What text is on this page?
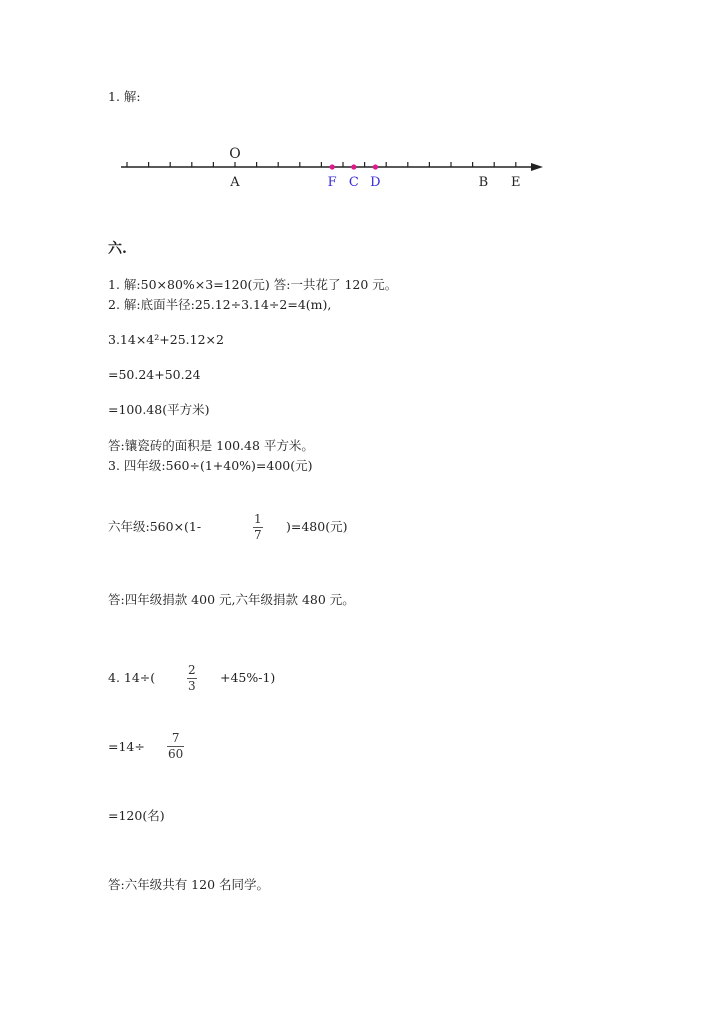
1. 解:
O
A	F C D	B E
六.
1. 解:50×80%×3=120(元) 答:一共花了 120 元。
2. 解:底面半径:25.12÷3.14÷2=4(m),
3.14×4²+25.12×2
=50.24+50.24
=100.48(平方米)
答:镶瓷砖的面积是 100.48 平方米。
3. 四年级:560÷(1+40%)=400(元)
六年级:560×(1-	1
7
)=480(元)
答:四年级捐款 400 元,六年级捐款 480 元。
4. 14÷(	2
3
+45%-1)
=14÷
7
60
=120(名)
答:六年级共有 120 名同学。
